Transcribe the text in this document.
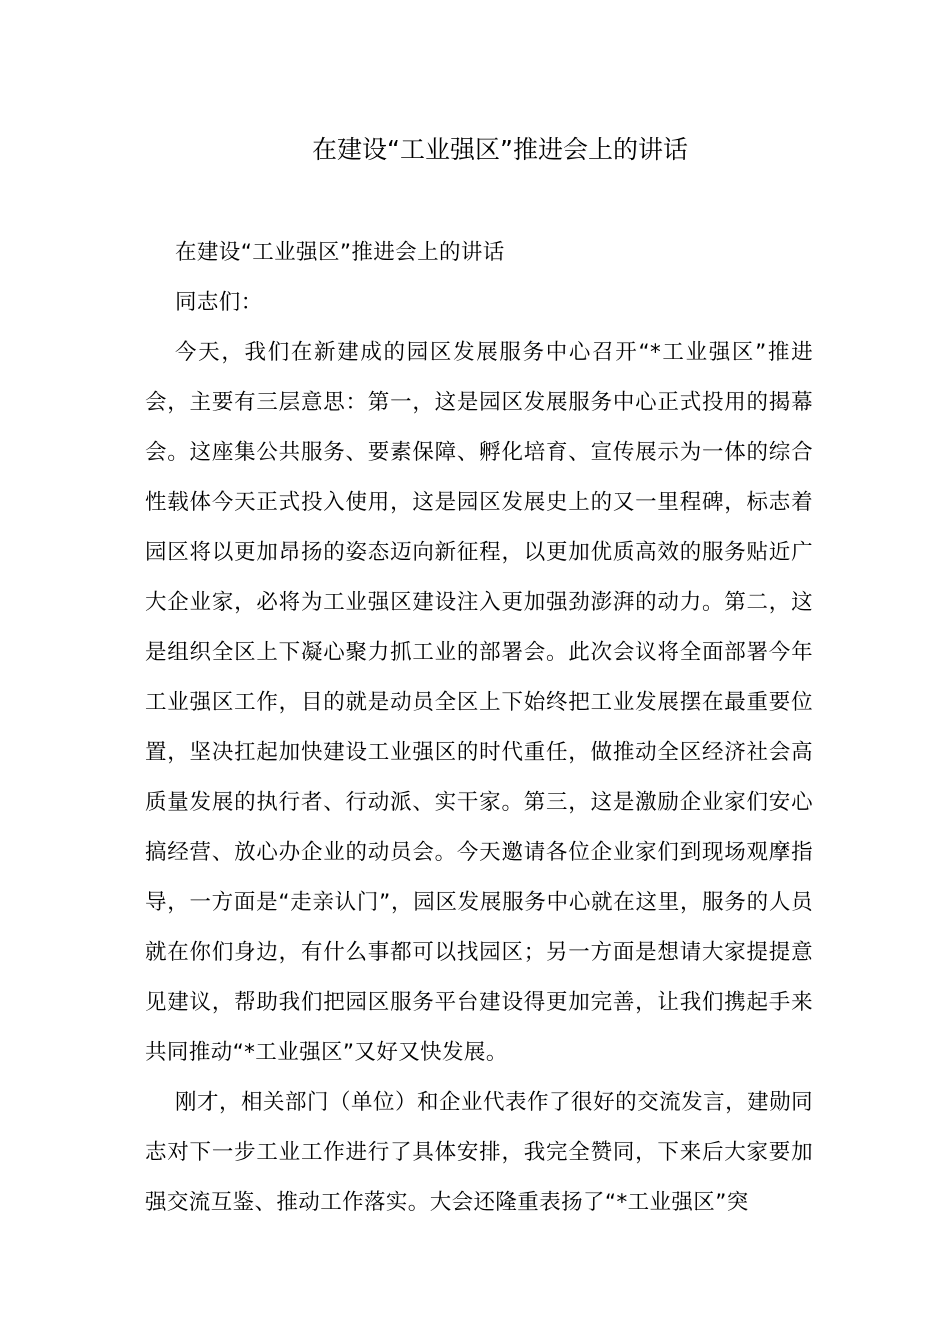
在建设“工业强区”推进会上的讲话

在建设“工业强区”推进会上的讲话

同志们：

今天，我们在新建成的园区发展服务中心召开“*工业强区”推进会，主要有三层意思：第一，这是园区发展服务中心正式投用的揭幕会。这座集公共服务、要素保障、孵化培育、宣传展示为一体的综合性载体今天正式投入使用，这是园区发展史上的又一里程碑，标志着园区将以更加昂扬的姿态迈向新征程，以更加优质高效的服务贴近广大企业家，必将为工业强区建设注入更加强劲澎湃的动力。第二，这是组织全区上下凝心聚力抓工业的部署会。此次会议将全面部署今年工业强区工作，目的就是动员全区上下始终把工业发展摆在最重要位置，坚决扛起加快建设工业强区的时代重任，做推动全区经济社会高质量发展的执行者、行动派、实干家。第三，这是激励企业家们安心搞经营、放心办企业的动员会。今天邀请各位企业家们到现场观摩指导，一方面是“走亲认门”，园区发展服务中心就在这里，服务的人员就在你们身边，有什么事都可以找园区；另一方面是想请大家提提意见建议，帮助我们把园区服务平台建设得更加完善，让我们携起手来共同推动“*工业强区”又好又快发展。

刚才，相关部门（单位）和企业代表作了很好的交流发言，建勋同志对下一步工业工作进行了具体安排，我完全赞同，下来后大家要加强交流互鉴、推动工作落实。大会还隆重表扬了“*工业强区”突
